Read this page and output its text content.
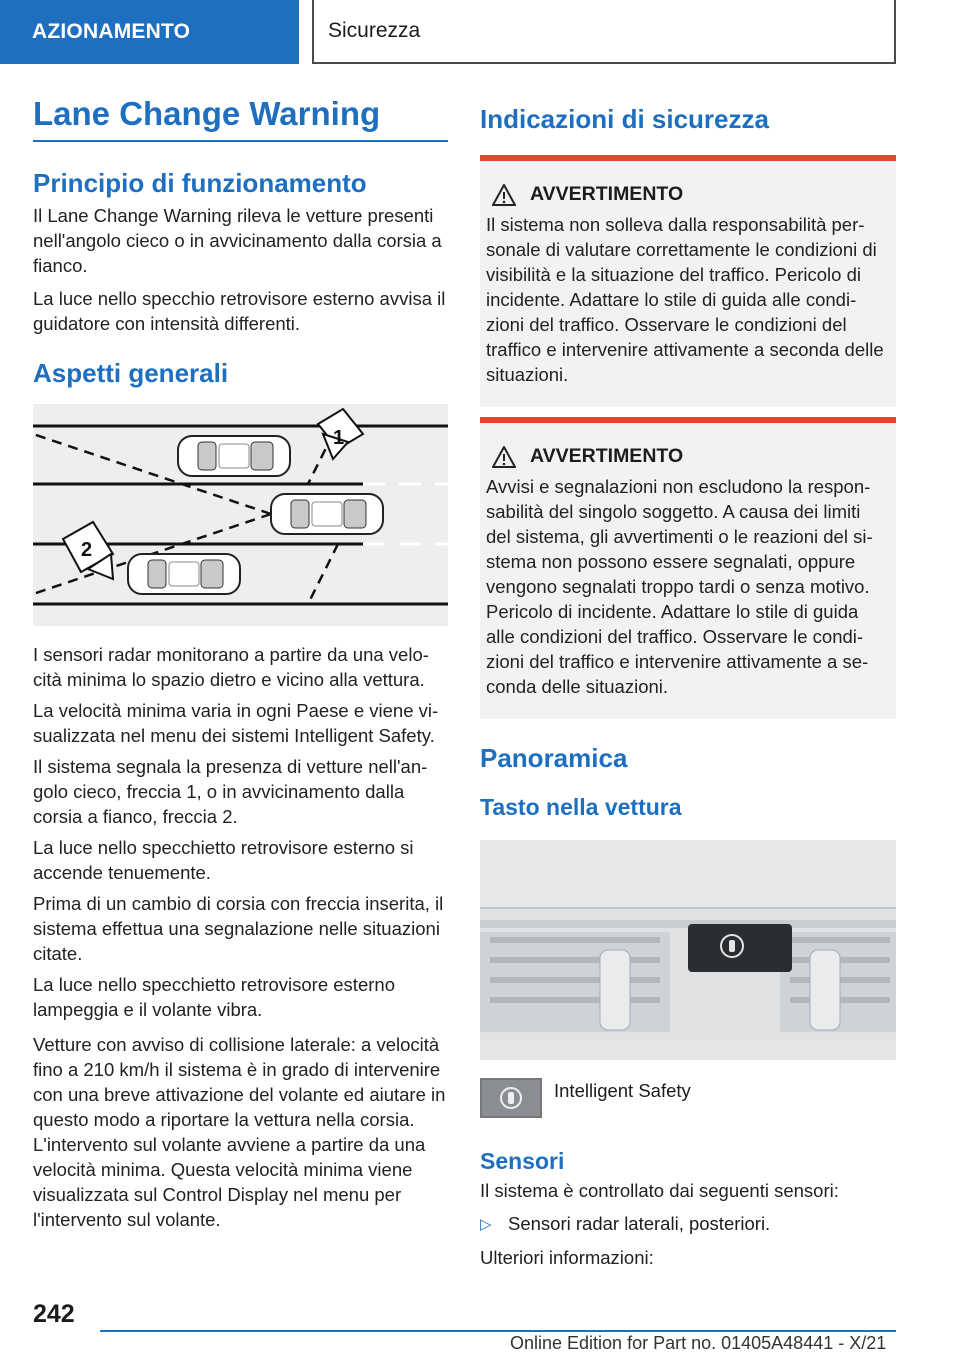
AZIONAMENTO	Sicurezza
Lane Change Warning
Principio di funzionamento

Il Lane Change Warning rileva le vetture presenti nell'angolo cieco o in avvicinamento dalla corsia a fianco.

La luce nello specchio retrovisore esterno avvisa il guidatore con intensità differenti.

Aspetti generali
1
2

I sensori radar monitorano a partire da una velocità minima lo spazio dietro e vicino alla vettura.

La velocità minima varia in ogni Paese e viene visualizzata nel menu dei sistemi Intelligent Safety.

Il sistema segnala la presenza di vetture nell'angolo cieco, freccia 1, o in avvicinamento dalla corsia a fianco, freccia 2.

La luce nello specchietto retrovisore esterno si accende tenuemente.

Prima di un cambio di corsia con freccia inserita, il sistema effettua una segnalazione nelle situazioni citate.

La luce nello specchietto retrovisore esterno lampeggia e il volante vibra.

Vetture con avviso di collisione laterale: a velocità fino a 210 km/h il sistema è in grado di intervenire con una breve attivazione del volante ed aiutare in questo modo a riportare la vettura nella corsia. L'intervento sul volante avviene a partire da una velocità minima. Questa velocità minima viene visualizzata sul Control Display nel menu per l'intervento sul volante.

Indicazioni di sicurezza
AVVERTIMENTO

Il sistema non solleva dalla responsabilità personale di valutare correttamente le condizioni di visibilità e la situazione del traffico. Pericolo di incidente. Adattare lo stile di guida alle condizioni del traffico. Osservare le condizioni del traffico e intervenire attivamente a seconda delle situazioni.

AVVERTIMENTO

Avvisi e segnalazioni non escludono la responsabilità del singolo soggetto. A causa dei limiti del sistema, gli avvertimenti o le reazioni del sistema non possono essere segnalati, oppure vengono segnalati troppo tardi o senza motivo. Pericolo di incidente. Adattare lo stile di guida alle condizioni del traffico. Osservare le condizioni del traffico e intervenire attivamente a seconda delle situazioni.

Panoramica
Tasto nella vettura
Intelligent Safety
Sensori

Il sistema è controllato dai seguenti sensori:

▷ Sensori radar laterali, posteriori.

Ulteriori informazioni:

242
Online Edition for Part no. 01405A48441 - X/21
